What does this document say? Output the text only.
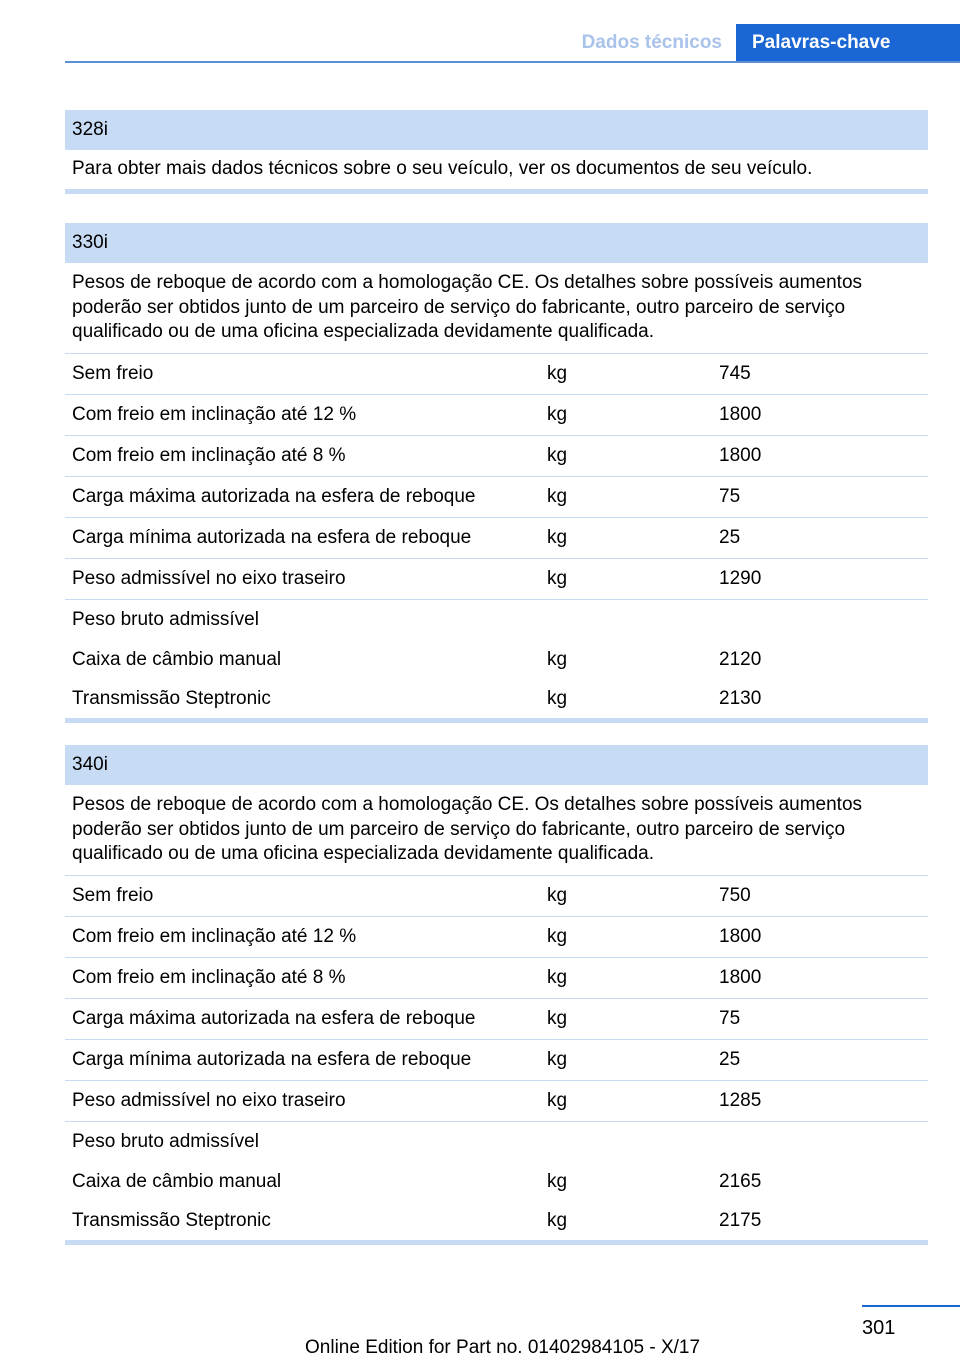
Dados técnicos	Palavras-chave
328i
Para obter mais dados técnicos sobre o seu veículo, ver os documentos de seu veículo.
330i
Pesos de reboque de acordo com a homologação CE. Os detalhes sobre possíveis aumentos poderão ser obtidos junto de um parceiro de serviço do fabricante, outro parceiro de serviço qualificado ou de uma oficina especializada devidamente qualificada.
Sem freio	kg	745
Com freio em inclinação até 12 %	kg	1800
Com freio em inclinação até 8 %	kg	1800
Carga máxima autorizada na esfera de reboque	kg	75
Carga mínima autorizada na esfera de reboque	kg	25
Peso admissível no eixo traseiro	kg	1290
Peso bruto admissível
Caixa de câmbio manual	kg	2120
Transmissão Steptronic	kg	2130
340i
Pesos de reboque de acordo com a homologação CE. Os detalhes sobre possíveis aumentos poderão ser obtidos junto de um parceiro de serviço do fabricante, outro parceiro de serviço qualificado ou de uma oficina especializada devidamente qualificada.
Sem freio	kg	750
Com freio em inclinação até 12 %	kg	1800
Com freio em inclinação até 8 %	kg	1800
Carga máxima autorizada na esfera de reboque	kg	75
Carga mínima autorizada na esfera de reboque	kg	25
Peso admissível no eixo traseiro	kg	1285
Peso bruto admissível
Caixa de câmbio manual	kg	2165
Transmissão Steptronic	kg	2175
301
Online Edition for Part no. 01402984105 - X/17
